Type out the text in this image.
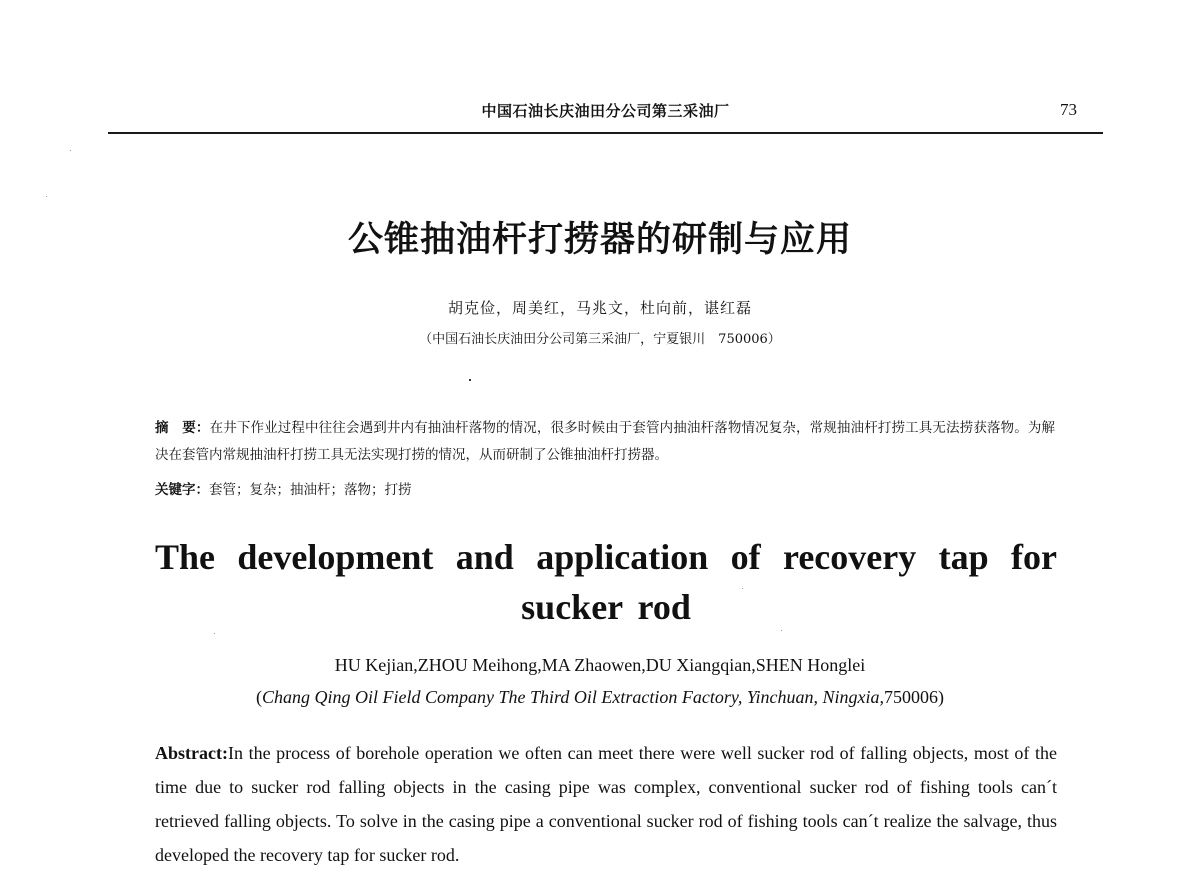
中国石油长庆油田分公司第三采油厂	73
公锥抽油杆打捞器的研制与应用
胡克俭，周美红，马兆文，杜向前，谌红磊
（中国石油长庆油田分公司第三采油厂，宁夏银川　750006）
摘　要：在井下作业过程中往往会遇到井内有抽油杆落物的情况，很多时候由于套管内抽油杆落物情况复杂，常规抽油杆打捞工具无法捞获落物。为解决在套管内常规抽油杆打捞工具无法实现打捞的情况，从而研制了公锥抽油杆打捞器。
关键字：套管；复杂；抽油杆；落物；打捞
The development and application of recovery tap for sucker rod
HU Kejian,ZHOU Meihong,MA Zhaowen,DU Xiangqian,SHEN Honglei
(Chang Qing Oil Field Company The Third Oil Extraction Factory, Yinchuan, Ningxia,750006)
Abstract:In the process of borehole operation we often can meet there were well sucker rod of falling objects, most of the time due to sucker rod falling objects in the casing pipe was complex, conventional sucker rod of fishing tools can´t retrieved falling objects. To solve in the casing pipe a conventional sucker rod of fishing tools can´t realize the salvage, thus developed the recovery tap for sucker rod.
